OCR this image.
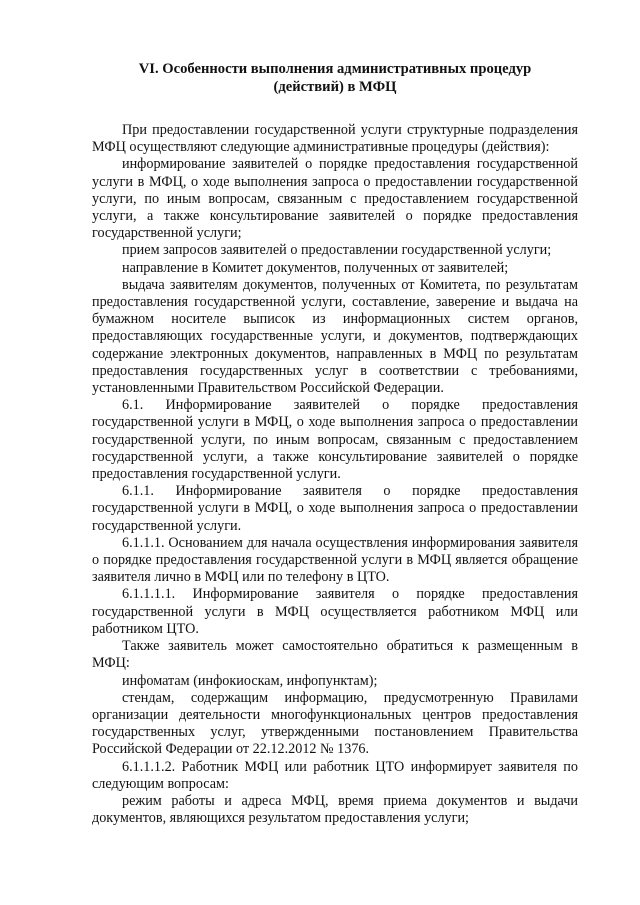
VI. Особенности выполнения административных процедур
(действий) в МФЦ

При предоставлении государственной услуги структурные подразделения МФЦ осуществляют следующие административные процедуры (действия):

информирование заявителей о порядке предоставления государственной услуги в МФЦ, о ходе выполнения запроса о предоставлении государственной услуги, по иным вопросам, связанным с предоставлением государственной услуги, а также консультирование заявителей о порядке предоставления государственной услуги;

прием запросов заявителей о предоставлении государственной услуги;

направление в Комитет документов, полученных от заявителей;

выдача заявителям документов, полученных от Комитета, по результатам предоставления государственной услуги, составление, заверение и выдача на бумажном носителе выписок из информационных систем органов, предоставляющих государственные услуги, и документов, подтверждающих содержание электронных документов, направленных в МФЦ по результатам предоставления государственных услуг в соответствии с требованиями, установленными Правительством Российской Федерации.

6.1. Информирование заявителей о порядке предоставления государственной услуги в МФЦ, о ходе выполнения запроса о предоставлении государственной услуги, по иным вопросам, связанным с предоставлением государственной услуги, а также консультирование заявителей о порядке предоставления государственной услуги.

6.1.1. Информирование заявителя о порядке предоставления государственной услуги в МФЦ, о ходе выполнения запроса о предоставлении государственной услуги.

6.1.1.1. Основанием для начала осуществления информирования заявителя о порядке предоставления государственной услуги в МФЦ является обращение заявителя лично в МФЦ или по телефону в ЦТО.

6.1.1.1.1. Информирование заявителя о порядке предоставления государственной услуги в МФЦ осуществляется работником МФЦ или работником ЦТО.

Также заявитель может самостоятельно обратиться к размещенным в МФЦ:

инфоматам (инфокиоскам, инфопунктам);

стендам, содержащим информацию, предусмотренную Правилами организации деятельности многофункциональных центров предоставления государственных услуг, утвержденными постановлением Правительства Российской Федерации от 22.12.2012 № 1376.

6.1.1.1.2. Работник МФЦ или работник ЦТО информирует заявителя по следующим вопросам:

режим работы и адреса МФЦ, время приема документов и выдачи документов, являющихся результатом предоставления услуги;
